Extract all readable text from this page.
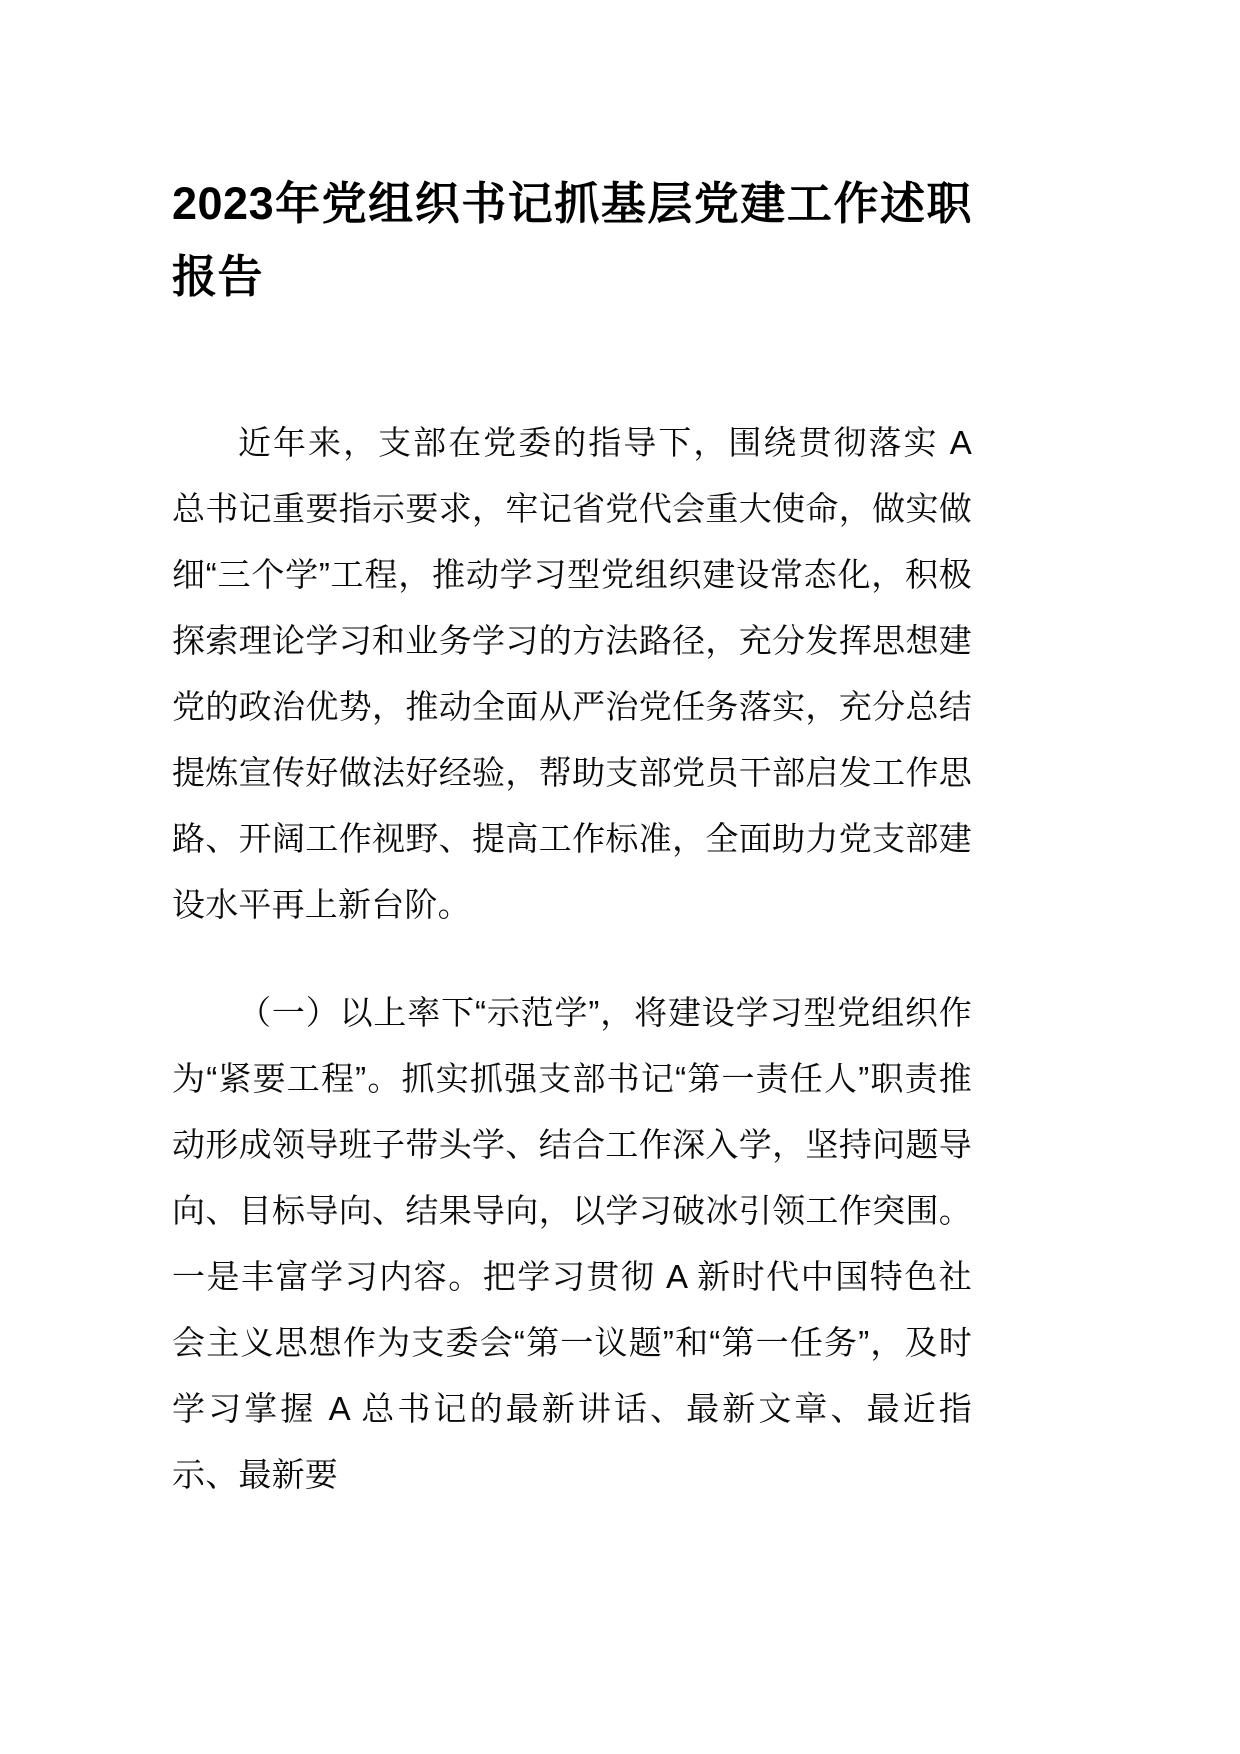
2023年党组织书记抓基层党建工作述职报告

近年来，支部在党委的指导下，围绕贯彻落实 A 总书记重要指示要求，牢记省党代会重大使命，做实做细“三个学”工程，推动学习型党组织建设常态化，积极探索理论学习和业务学习的方法路径，充分发挥思想建党的政治优势，推动全面从严治党任务落实，充分总结提炼宣传好做法好经验，帮助支部党员干部启发工作思路、开阔工作视野、提高工作标准，全面助力党支部建设水平再上新台阶。

（一）以上率下“示范学”，将建设学习型党组织作为“紧要工程”。抓实抓强支部书记“第一责任人”职责推动形成领导班子带头学、结合工作深入学，坚持问题导向、目标导向、结果导向，以学习破冰引领工作突围。一是丰富学习内容。把学习贯彻 A 新时代中国特色社会主义思想作为支委会“第一议题”和“第一任务”，及时学习掌握 A 总书记的最新讲话、最新文章、最近指示、最新要
